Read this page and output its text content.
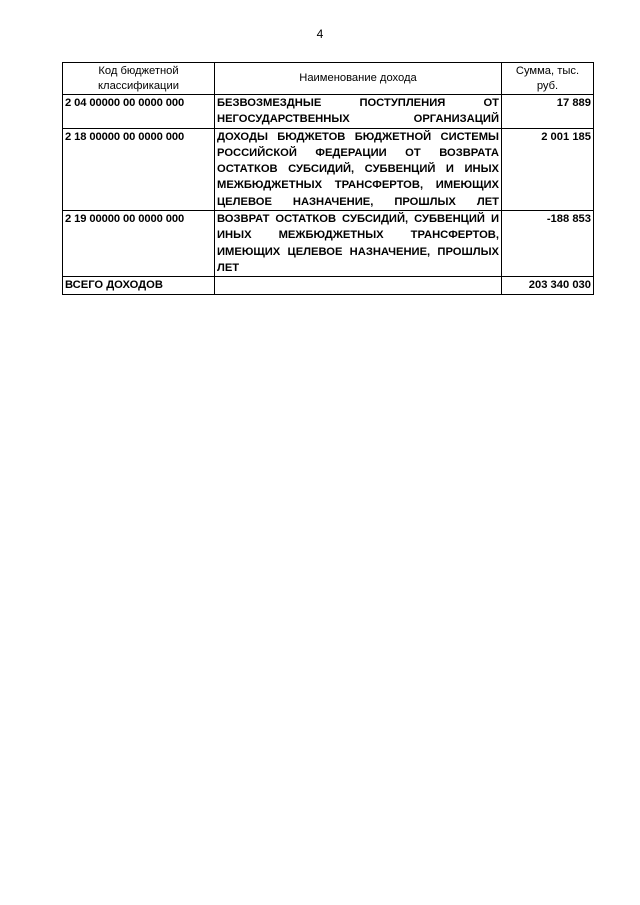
4
Код бюджетной классификации	Наименование дохода	Сумма, тыс. руб.
2 04 00000 00 0000 000	БЕЗВОЗМЕЗДНЫЕ ПОСТУПЛЕНИЯ ОТ НЕГОСУДАРСТВЕННЫХ ОРГАНИЗАЦИЙ	17 889
2 18 00000 00 0000 000	ДОХОДЫ БЮДЖЕТОВ БЮДЖЕТНОЙ СИСТЕМЫ РОССИЙСКОЙ ФЕДЕРАЦИИ ОТ ВОЗВРАТА ОСТАТКОВ СУБСИДИЙ, СУБВЕНЦИЙ И ИНЫХ МЕЖБЮДЖЕТНЫХ ТРАНСФЕРТОВ, ИМЕЮЩИХ ЦЕЛЕВОЕ НАЗНАЧЕНИЕ, ПРОШЛЫХ ЛЕТ	2 001 185
2 19 00000 00 0000 000	ВОЗВРАТ ОСТАТКОВ СУБСИДИЙ, СУБВЕНЦИЙ И ИНЫХ МЕЖБЮДЖЕТНЫХ ТРАНСФЕРТОВ, ИМЕЮЩИХ ЦЕЛЕВОЕ НАЗНАЧЕНИЕ, ПРОШЛЫХ ЛЕТ	-188 853
ВСЕГО ДОХОДОВ		203 340 030
